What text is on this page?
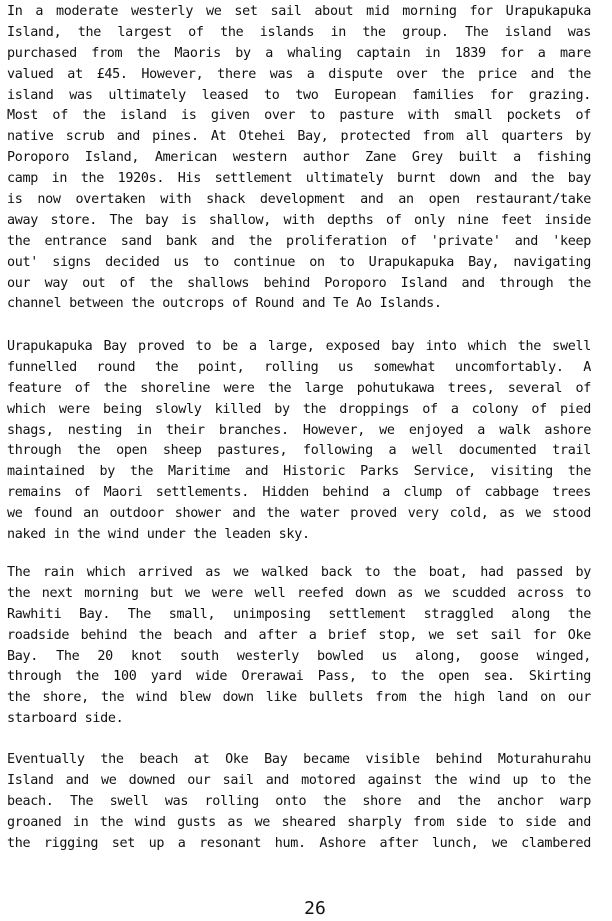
In a moderate westerly we set sail about mid morning for Urapukapuka
Island, the largest of the islands in the group. The island was
purchased from the Maoris by a whaling captain in 1839 for a mare
valued at £45. However, there was a dispute over the price and the
island was ultimately leased to two European families for grazing.
Most of the island is given over to pasture with small pockets of
native scrub and pines. At Otehei Bay, protected from all quarters by
Poroporo Island, American western author Zane Grey built a fishing
camp in the 1920s. His settlement ultimately burnt down and the bay
is now overtaken with shack development and an open restaurant/take
away store. The bay is shallow, with depths of only nine feet inside
the entrance sand bank and the proliferation of 'private' and 'keep
out' signs decided us to continue on to Urapukapuka Bay, navigating
our way out of the shallows behind Poroporo Island and through the
channel between the outcrops of Round and Te Ao Islands.
Urapukapuka Bay proved to be a large, exposed bay into which the swell
funnelled round the point, rolling us somewhat uncomfortably. A
feature of the shoreline were the large pohutukawa trees, several of
which were being slowly killed by the droppings of a colony of pied
shags, nesting in their branches. However, we enjoyed a walk ashore
through the open sheep pastures, following a well documented trail
maintained by the Maritime and Historic Parks Service, visiting the
remains of Maori settlements. Hidden behind a clump of cabbage trees
we found an outdoor shower and the water proved very cold, as we stood
naked in the wind under the leaden sky.
The rain which arrived as we walked back to the boat, had passed by
the next morning but we were well reefed down as we scudded across to
Rawhiti Bay. The small, unimposing settlement straggled along the
roadside behind the beach and after a brief stop, we set sail for Oke
Bay. The 20 knot south westerly bowled us along, goose winged,
through the 100 yard wide Orerawai Pass, to the open sea. Skirting
the shore, the wind blew down like bullets from the high land on our
starboard side.
Eventually the beach at Oke Bay became visible behind Moturahurahu
Island and we downed our sail and motored against the wind up to the
beach. The swell was rolling onto the shore and the anchor warp
groaned in the wind gusts as we sheared sharply from side to side and
the rigging set up a resonant hum. Ashore after lunch, we clambered
26
